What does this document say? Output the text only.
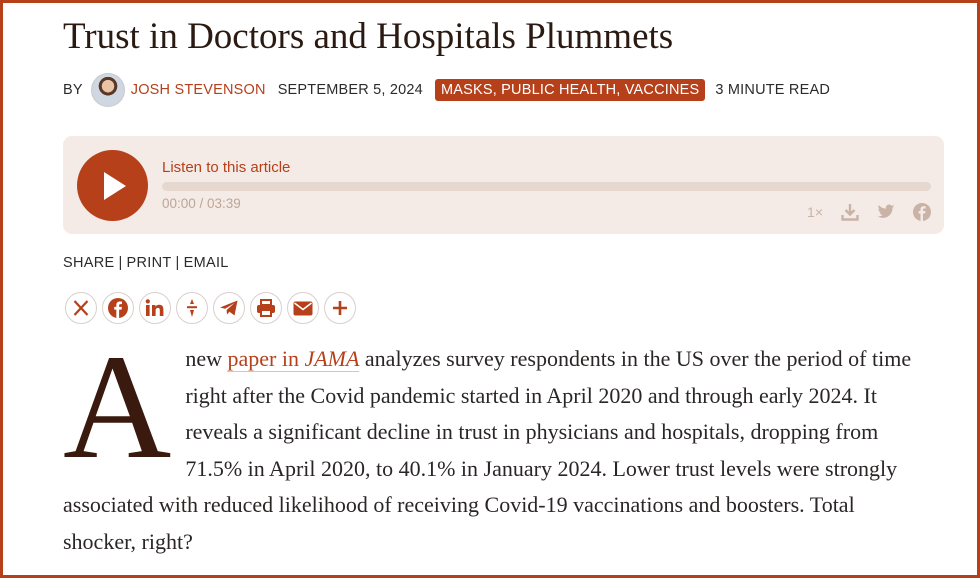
Trust in Doctors and Hospitals Plummets
BY	JOSH STEVENSON SEPTEMBER 5, 2024	MASKS, PUBLIC HEALTH, VACCINES	3 MINUTE READ
Listen to this article
00:00 / 03:39
1×
SHARE | PRINT | EMAIL
A new paper in JAMA analyzes survey respondents in the US over the period of time right after the Covid pandemic started in April 2020 and through early 2024. It reveals a significant decline in trust in physicians and hospitals, dropping from 71.5% in April 2020, to 40.1% in January 2024. Lower trust levels were strongly associated with reduced likelihood of receiving Covid-19 vaccinations and boosters. Total shocker, right?
